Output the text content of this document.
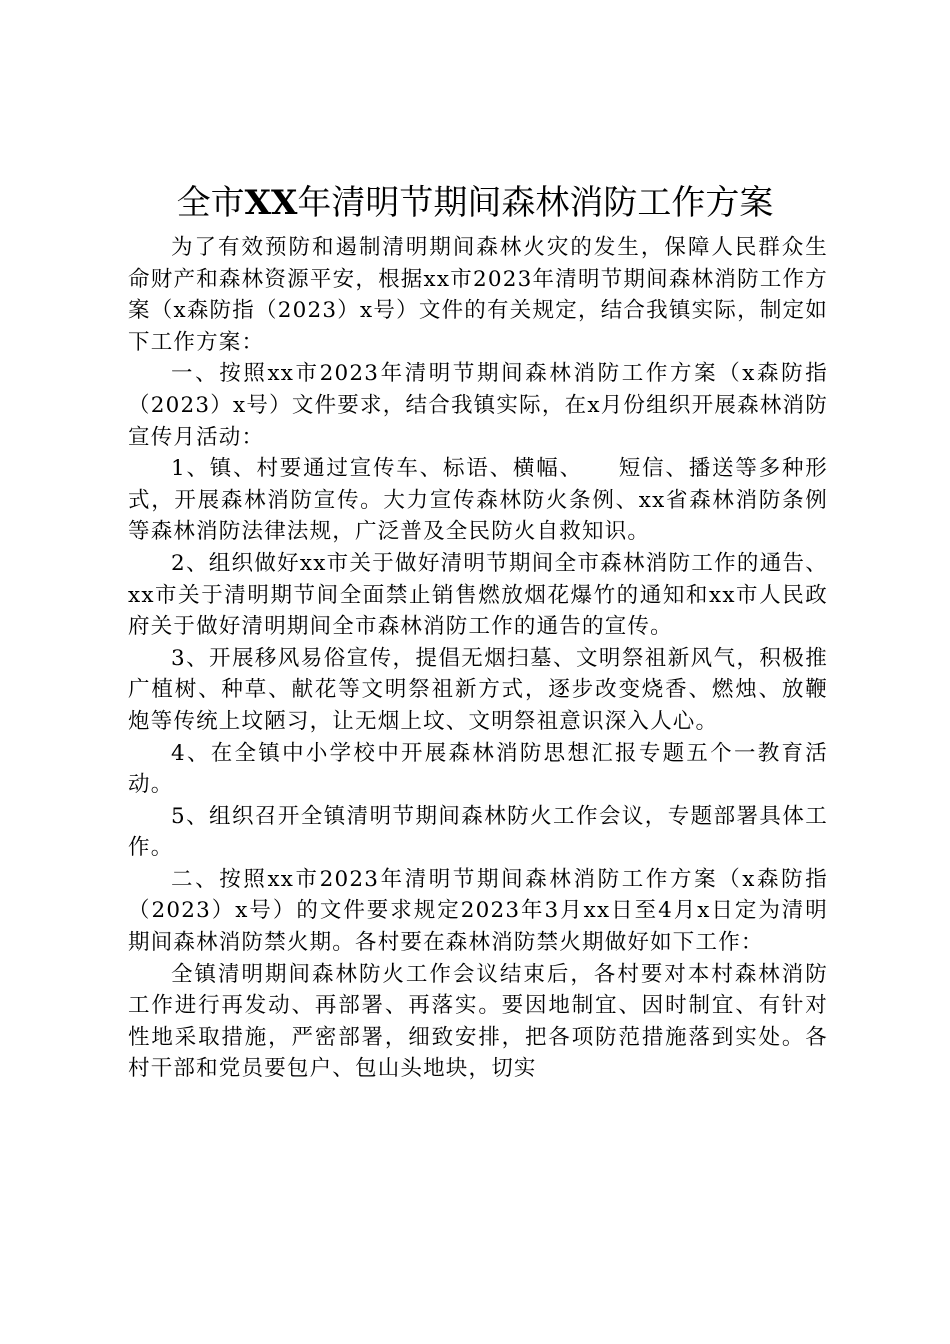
全市XX年清明节期间森林消防工作方案

为了有效预防和遏制清明期间森林火灾的发生，保障人民群众生命财产和森林资源平安，根据xx市2023年清明节期间森林消防工作方案（x森防指（2023）x号）文件的有关规定，结合我镇实际，制定如下工作方案：

一、按照xx市2023年清明节期间森林消防工作方案（x森防指（2023）x号）文件要求，结合我镇实际，在x月份组织开展森林消防宣传月活动：

1、镇、村要通过宣传车、标语、横幅、　　短信、播送等多种形式，开展森林消防宣传。大力宣传森林防火条例、xx省森林消防条例等森林消防法律法规，广泛普及全民防火自救知识。

2、组织做好xx市关于做好清明节期间全市森林消防工作的通告、xx市关于清明期节间全面禁止销售燃放烟花爆竹的通知和xx市人民政府关于做好清明期间全市森林消防工作的通告的宣传。

3、开展移风易俗宣传，提倡无烟扫墓、文明祭祖新风气，积极推广植树、种草、献花等文明祭祖新方式，逐步改变烧香、燃烛、放鞭炮等传统上坟陋习，让无烟上坟、文明祭祖意识深入人心。

4、在全镇中小学校中开展森林消防思想汇报专题五个一教育活动。

5、组织召开全镇清明节期间森林防火工作会议，专题部署具体工作。

二、按照xx市2023年清明节期间森林消防工作方案（x森防指（2023）x号）的文件要求规定2023年3月xx日至4月x日定为清明期间森林消防禁火期。各村要在森林消防禁火期做好如下工作：

全镇清明期间森林防火工作会议结束后，各村要对本村森林消防工作进行再发动、再部署、再落实。要因地制宜、因时制宜、有针对性地采取措施，严密部署，细致安排，把各项防范措施落到实处。各村干部和党员要包户、包山头地块，切实
